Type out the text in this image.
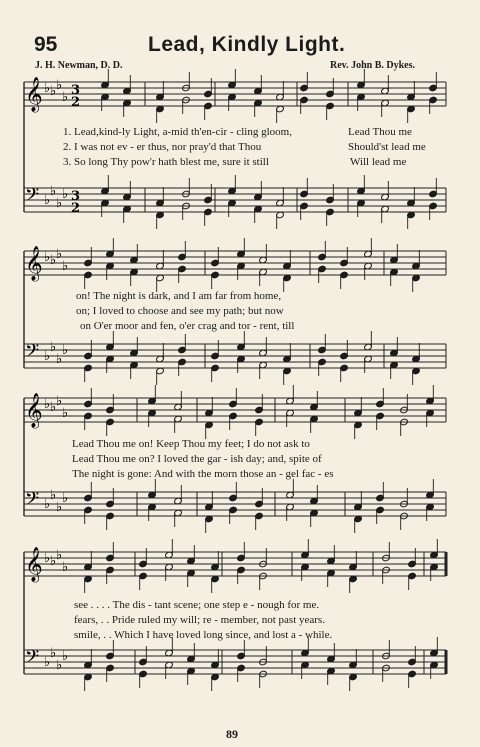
95	Lead, Kindly Light.
J. H. Newman, D. D.	Rev. John B. Dykes.
𝄞 ♭ ♭ ♭
♭ 3
2
𝄢 ♭
♭
♭
♭ 3
2
𝄞 ♭ ♭ ♭
♭
𝄢 ♭
♭
♭
♭
𝄞 ♭ ♭ ♭
♭
𝄢 ♭
♭
♭
♭
𝄞 ♭ ♭ ♭
♭
𝄢 ♭
♭
♭
♭
1. Lead,kind-ly Light, a-mid th'en-cir - cling gloom,	Lead Thou me
2. I was not ev - er thus, nor pray'd that Thou	Should'st lead me
3. So long Thy pow'r hath blest me, sure it still	Will lead me
on! The night is dark, and I am far from home,
on; I loved to choose and see my path; but now
on O'er moor and fen, o'er crag and tor - rent, till
Lead Thou me on! Keep Thou my feet; I do not ask to
Lead Thou me on? I loved the gar - ish day; and, spite of
The night is gone: And with the morn those an - gel fac - es
see . . . . The dis - tant scene; one step e - nough for me.
fears, . . Pride ruled my will; re - member, not past years.
smile, . . Which I have loved long since, and lost a - while.
89
